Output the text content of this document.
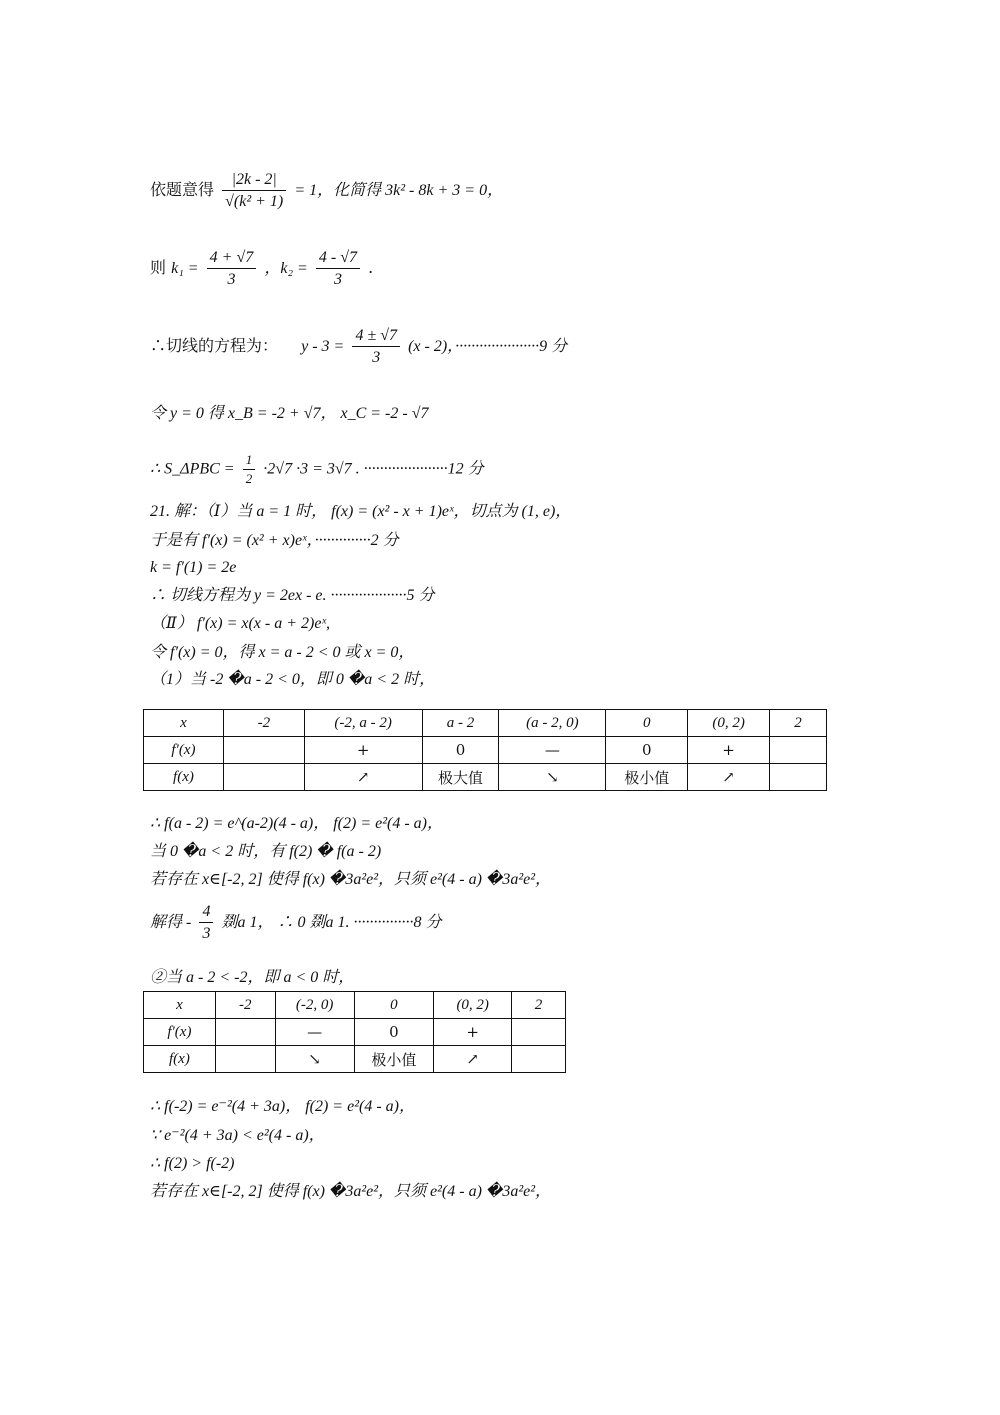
依题意得 $\frac{|2k - 2|}{\text{√(k² + 1)}} = 1$，化简得 3k² - 8k + 3 = 0，
则 $k_1 = \frac{4 + √7}{3}$ ，$k_2 = \frac{4 - √7}{3}$ .
∴切线的方程为： $y - 3 = \frac{4 \pm √7}{3} (x - 2)$，·····················9 分
令 y = 0 得 x_B = -2 + √7， x_C = -2 - √7
∴ S_ΔPBC = $\frac{1}{2} \cdot 2√7 \cdot 3 = 3√7$ . ·····················12 分
21. 解：（Ⅰ）当 a = 1 时， f(x) = (x² - x + 1)eˣ，切点为 (1, e)，
于是有 f′(x) = (x² + x)eˣ，··············2 分
k = f′(1) = 2e
∴ 切线方程为 y = 2ex - e. ···················5 分
（Ⅱ） f′(x) = x(x - a + 2)eˣ,
令 f′(x) = 0，得 x = a - 2 < 0 或 x = 0，
（1）当 -2 �a - 2 < 0，即 0 �a < 2 时，
x	-2	(-2, a - 2)	a - 2	(a - 2, 0)	0	(0, 2)	2
f′(x)		+	0	—	0	+	
f(x)		↗	极大值	↘	极小值	↗	
∴ f(a - 2) = e^(a-2)(4 - a)， f(2) = e²(4 - a)，
当 0 �a < 2 时，有 f(2) � f(a - 2)
若存在 x∈[-2, 2] 使得 f(x) �3a²e²，只须 e²(4 - a) �3a²e²，
解得 - $\frac{4}{3}$ 剟a 1， ∴ 0 剟a 1. ···············8 分
②当 a - 2 < -2，即 a < 0 时，
x	-2	(-2, 0)	0	(0, 2)	2
f′(x)		—	0	+	
f(x)		↘	极小值	↗	
∴ f(-2) = e⁻²(4 + 3a)， f(2) = e²(4 - a)，
∵ e⁻²(4 + 3a) < e²(4 - a)，
∴ f(2) > f(-2)
若存在 x∈[-2, 2] 使得 f(x) �3a²e²，只须 e²(4 - a) �3a²e²，
